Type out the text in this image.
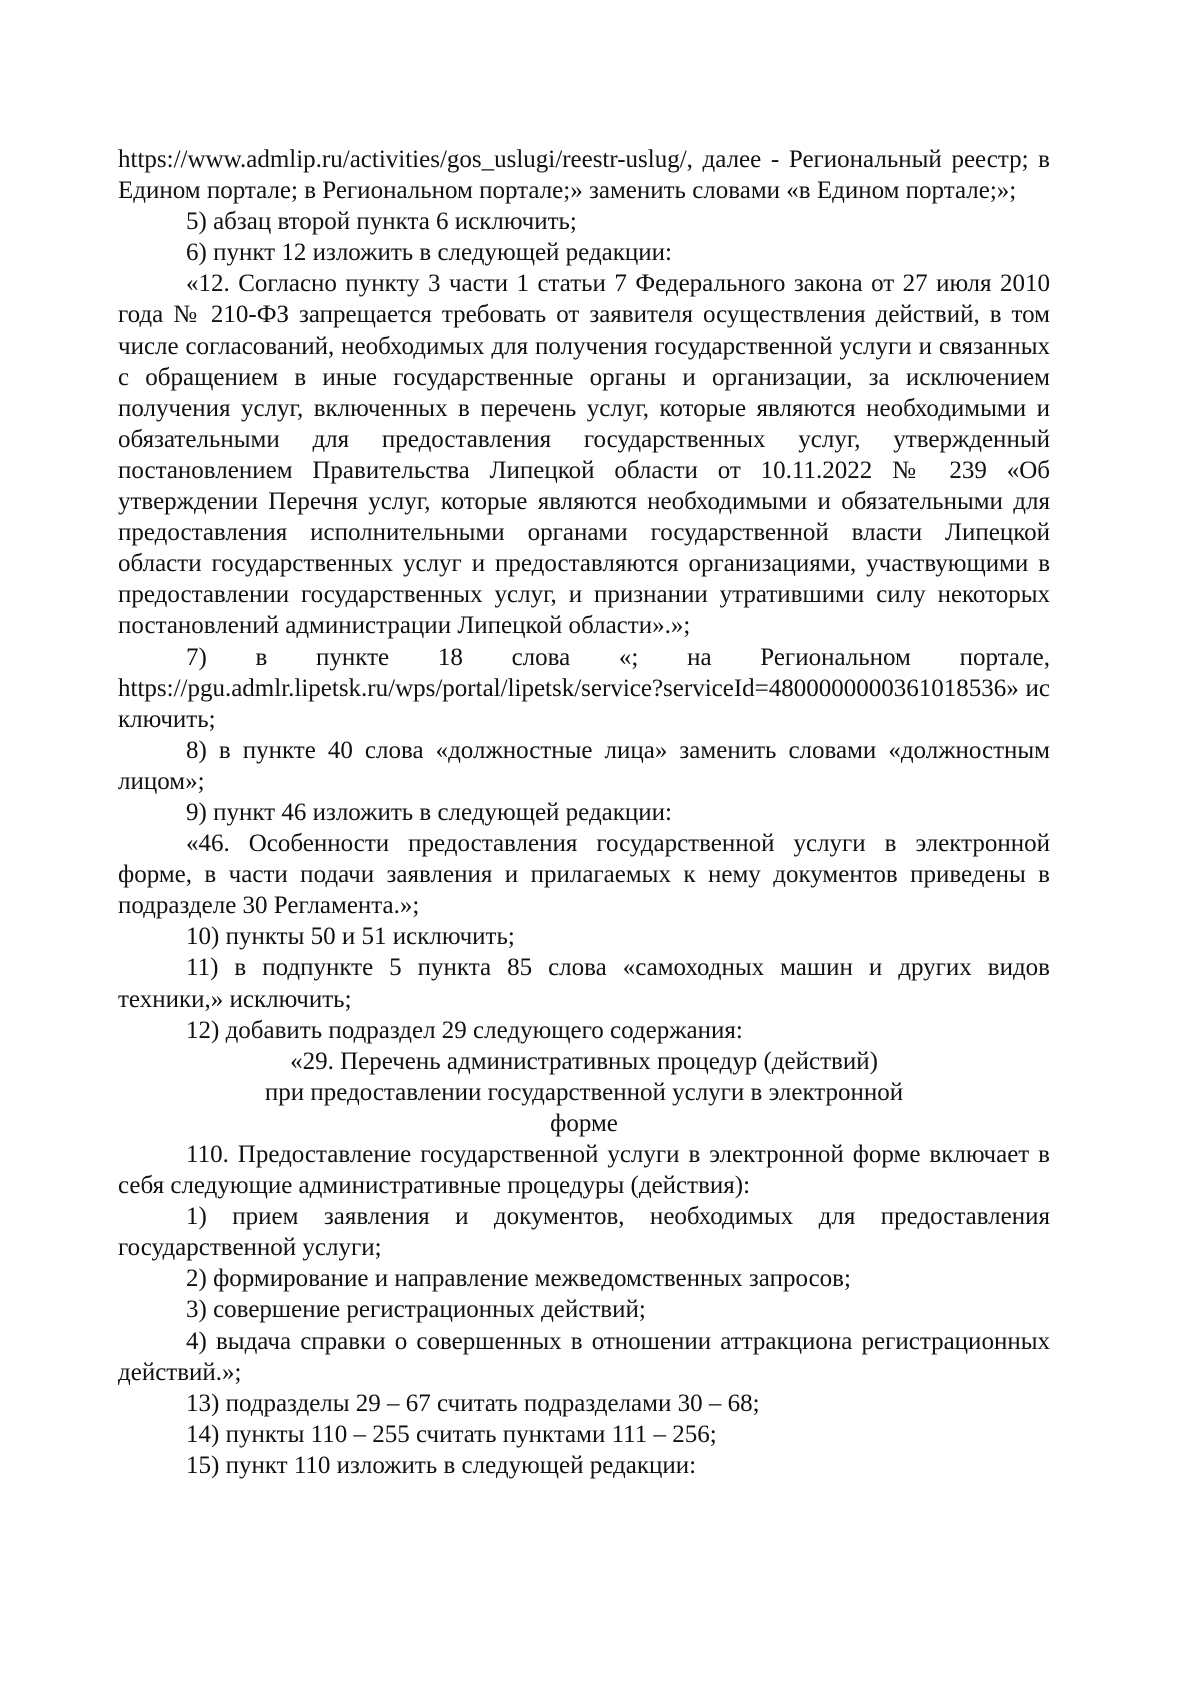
https://www.admlip.ru/activities/gos_uslugi/reestr-uslug/, далее - Региональный реестр; в Едином портале; в Региональном портале;» заменить словами «в Едином портале;»;

5) абзац второй пункта 6 исключить;

6) пункт 12 изложить в следующей редакции:

«12. Согласно пункту 3 части 1 статьи 7 Федерального закона от 27 июля 2010 года № 210-ФЗ запрещается требовать от заявителя осуществления действий, в том числе согласований, необходимых для получения государственной услуги и связанных с обращением в иные государственные органы и организации, за исключением получения услуг, включенных в перечень услуг, которые являются необходимыми и обязательными для предоставления государственных услуг, утвержденный постановлением Правительства Липецкой области от 10.11.2022 № 239 «Об утверждении Перечня услуг, которые являются необходимыми и обязательными для предоставления исполнительными органами государственной власти Липецкой области государственных услуг и предоставляются организациями, участвующими в предоставлении государственных услуг, и признании утратившими силу некоторых постановлений администрации Липецкой области».»;

7) в пункте 18 слова «; на Региональном портале,

https://pgu.admlr.lipetsk.ru/wps/portal/lipetsk/service?serviceId=4800000000361018536» исключить;

8) в пункте 40 слова «должностные лица» заменить словами «должностным лицом»;

9) пункт 46 изложить в следующей редакции:

«46. Особенности предоставления государственной услуги в электронной форме, в части подачи заявления и прилагаемых к нему документов приведены в подразделе 30 Регламента.»;

10) пункты 50 и 51 исключить;

11) в подпункте 5 пункта 85 слова «самоходных машин и других видов техники,» исключить;

12) добавить подраздел 29 следующего содержания:

«29. Перечень административных процедур (действий)

при предоставлении государственной услуги в электронной

форме

110. Предоставление государственной услуги в электронной форме включает в себя следующие административные процедуры (действия):

1) прием заявления и документов, необходимых для предоставления государственной услуги;

2) формирование и направление межведомственных запросов;

3) совершение регистрационных действий;

4) выдача справки о совершенных в отношении аттракциона регистрационных действий.»;

13) подразделы 29 – 67 считать подразделами 30 – 68;

14) пункты 110 – 255 считать пунктами 111 – 256;

15) пункт 110 изложить в следующей редакции:
